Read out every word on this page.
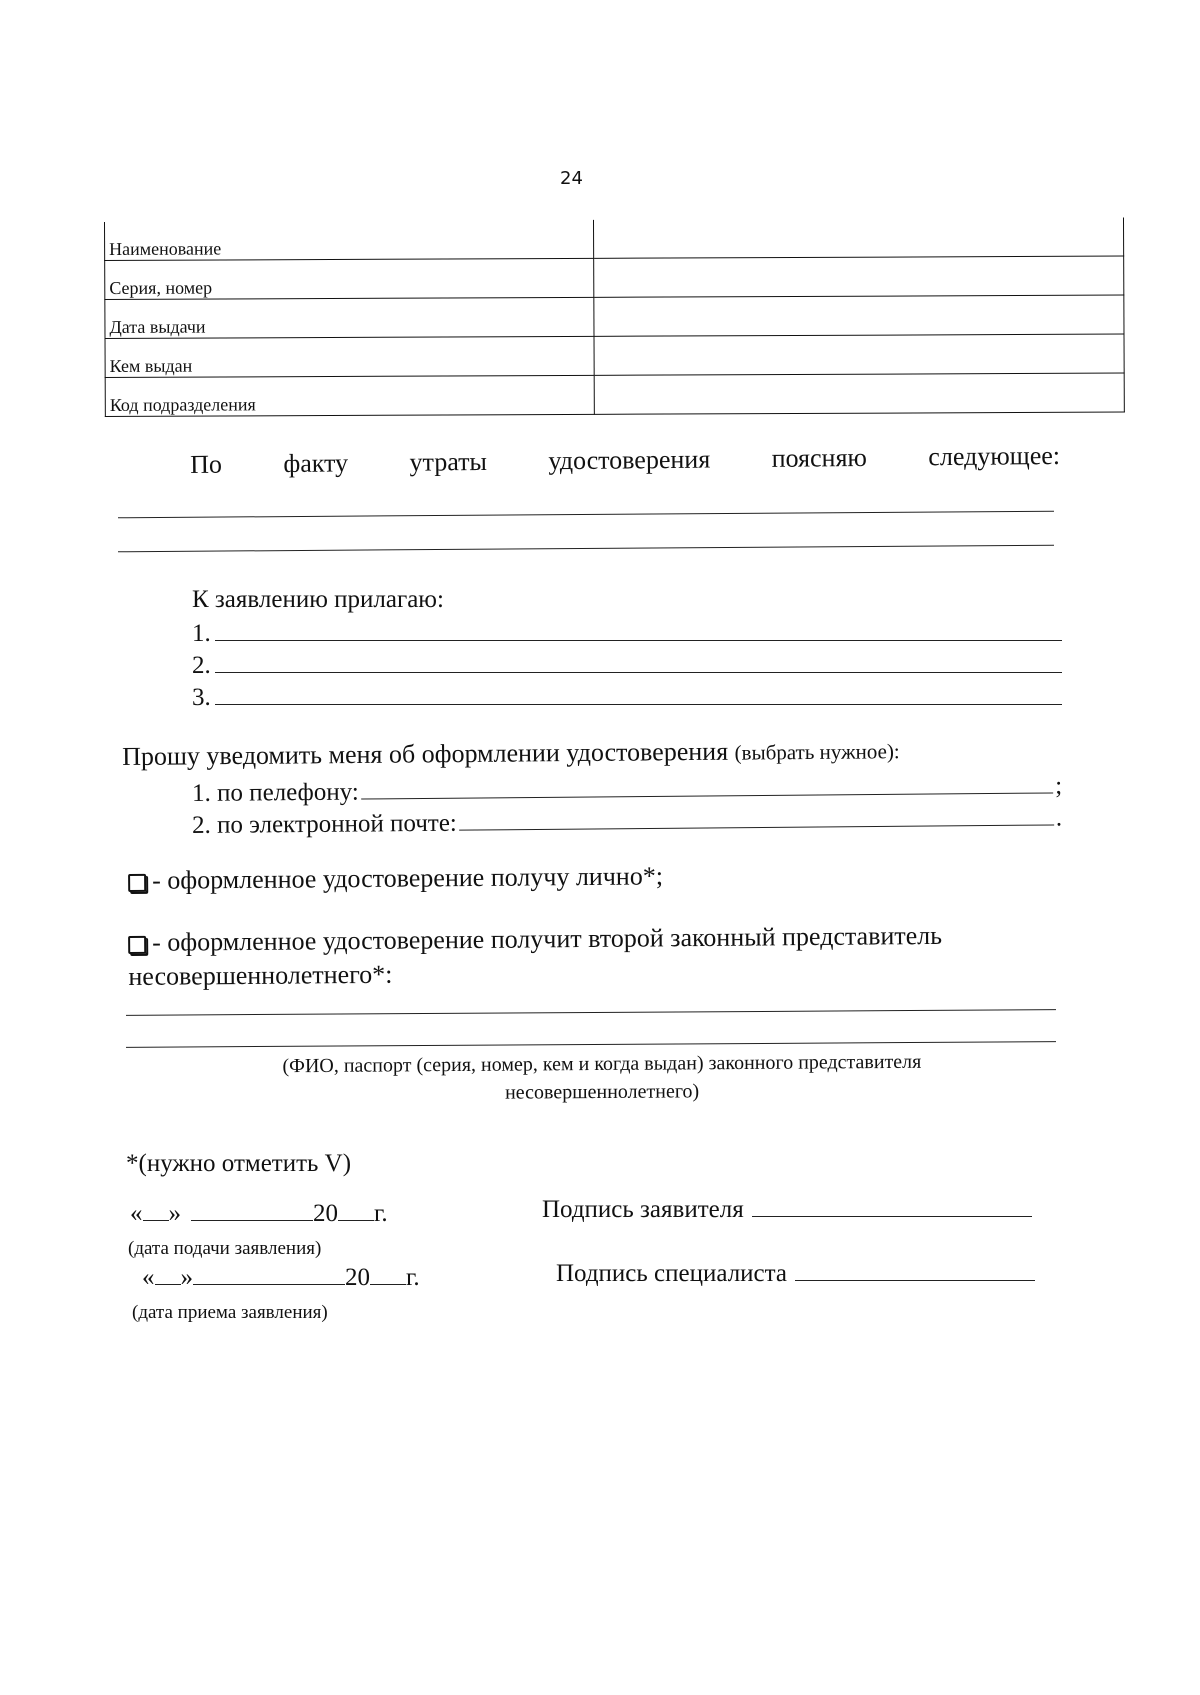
24
Наименование	
Серия, номер	
Дата выдачи	
Кем выдан	
Код подразделения	
По факту утраты удостоверения поясняю следующее:
К заявлению прилагаю:
1.
2.
3.
Прошу уведомить меня об оформлении удостоверения (выбрать нужное):
1. по пелефону:	;
2. по электронной почте:	.
- оформленное удостоверение получу лично*;
- оформленное удостоверение получит второй законный представитель
несовершеннолетнего*:
(ФИО, паспорт (серия, номер, кем и когда выдан) законного представителя
несовершеннолетнего)
*(нужно отметить V)
« »	20 г.
(дата подачи заявления)
« »	20 г.
(дата приема заявления)
Подпись заявителя
Подпись специалиста
